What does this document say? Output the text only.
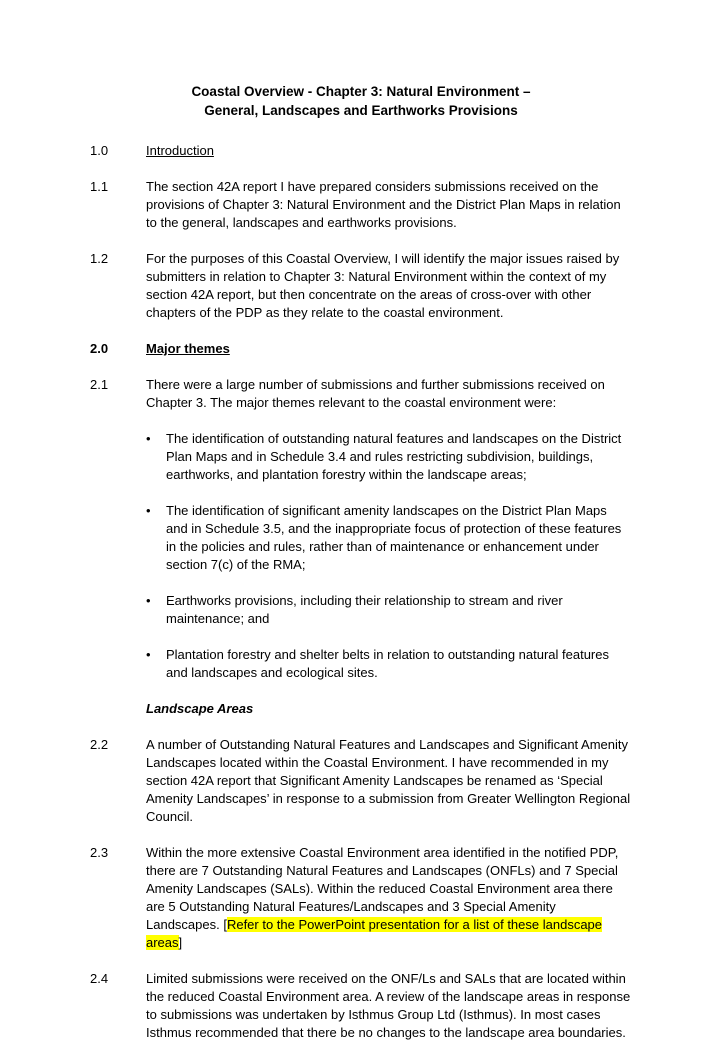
Coastal Overview - Chapter 3: Natural Environment –
General, Landscapes and Earthworks Provisions
1.0	Introduction
1.1	The section 42A report I have prepared considers submissions received on the provisions of Chapter 3: Natural Environment and the District Plan Maps in relation to the general, landscapes and earthworks provisions.
1.2	For the purposes of this Coastal Overview, I will identify the major issues raised by submitters in relation to Chapter 3: Natural Environment within the context of my section 42A report, but then concentrate on the areas of cross-over with other chapters of the PDP as they relate to the coastal environment.
2.0	Major themes
2.1	There were a large number of submissions and further submissions received on Chapter 3. The major themes relevant to the coastal environment were:
•	The identification of outstanding natural features and landscapes on the District Plan Maps and in Schedule 3.4 and rules restricting subdivision, buildings, earthworks, and plantation forestry within the landscape areas;
•	The identification of significant amenity landscapes on the District Plan Maps and in Schedule 3.5, and the inappropriate focus of protection of these features in the policies and rules, rather than of maintenance or enhancement under section 7(c) of the RMA;
•	Earthworks provisions, including their relationship to stream and river maintenance; and
•	Plantation forestry and shelter belts in relation to outstanding natural features and landscapes and ecological sites.
Landscape Areas
2.2	A number of Outstanding Natural Features and Landscapes and Significant Amenity Landscapes located within the Coastal Environment. I have recommended in my section 42A report that Significant Amenity Landscapes be renamed as ‘Special Amenity Landscapes’ in response to a submission from Greater Wellington Regional Council.
2.3	Within the more extensive Coastal Environment area identified in the notified PDP, there are 7 Outstanding Natural Features and Landscapes (ONFLs) and 7 Special Amenity Landscapes (SALs). Within the reduced Coastal Environment area there are 5 Outstanding Natural Features/Landscapes and 3 Special Amenity Landscapes. [Refer to the PowerPoint presentation for a list of these landscape areas]
2.4	Limited submissions were received on the ONF/Ls and SALs that are located within the reduced Coastal Environment area. A review of the landscape areas in response to submissions was undertaken by Isthmus Group Ltd (Isthmus). In most cases Isthmus recommended that there be no changes to the landscape area boundaries.
